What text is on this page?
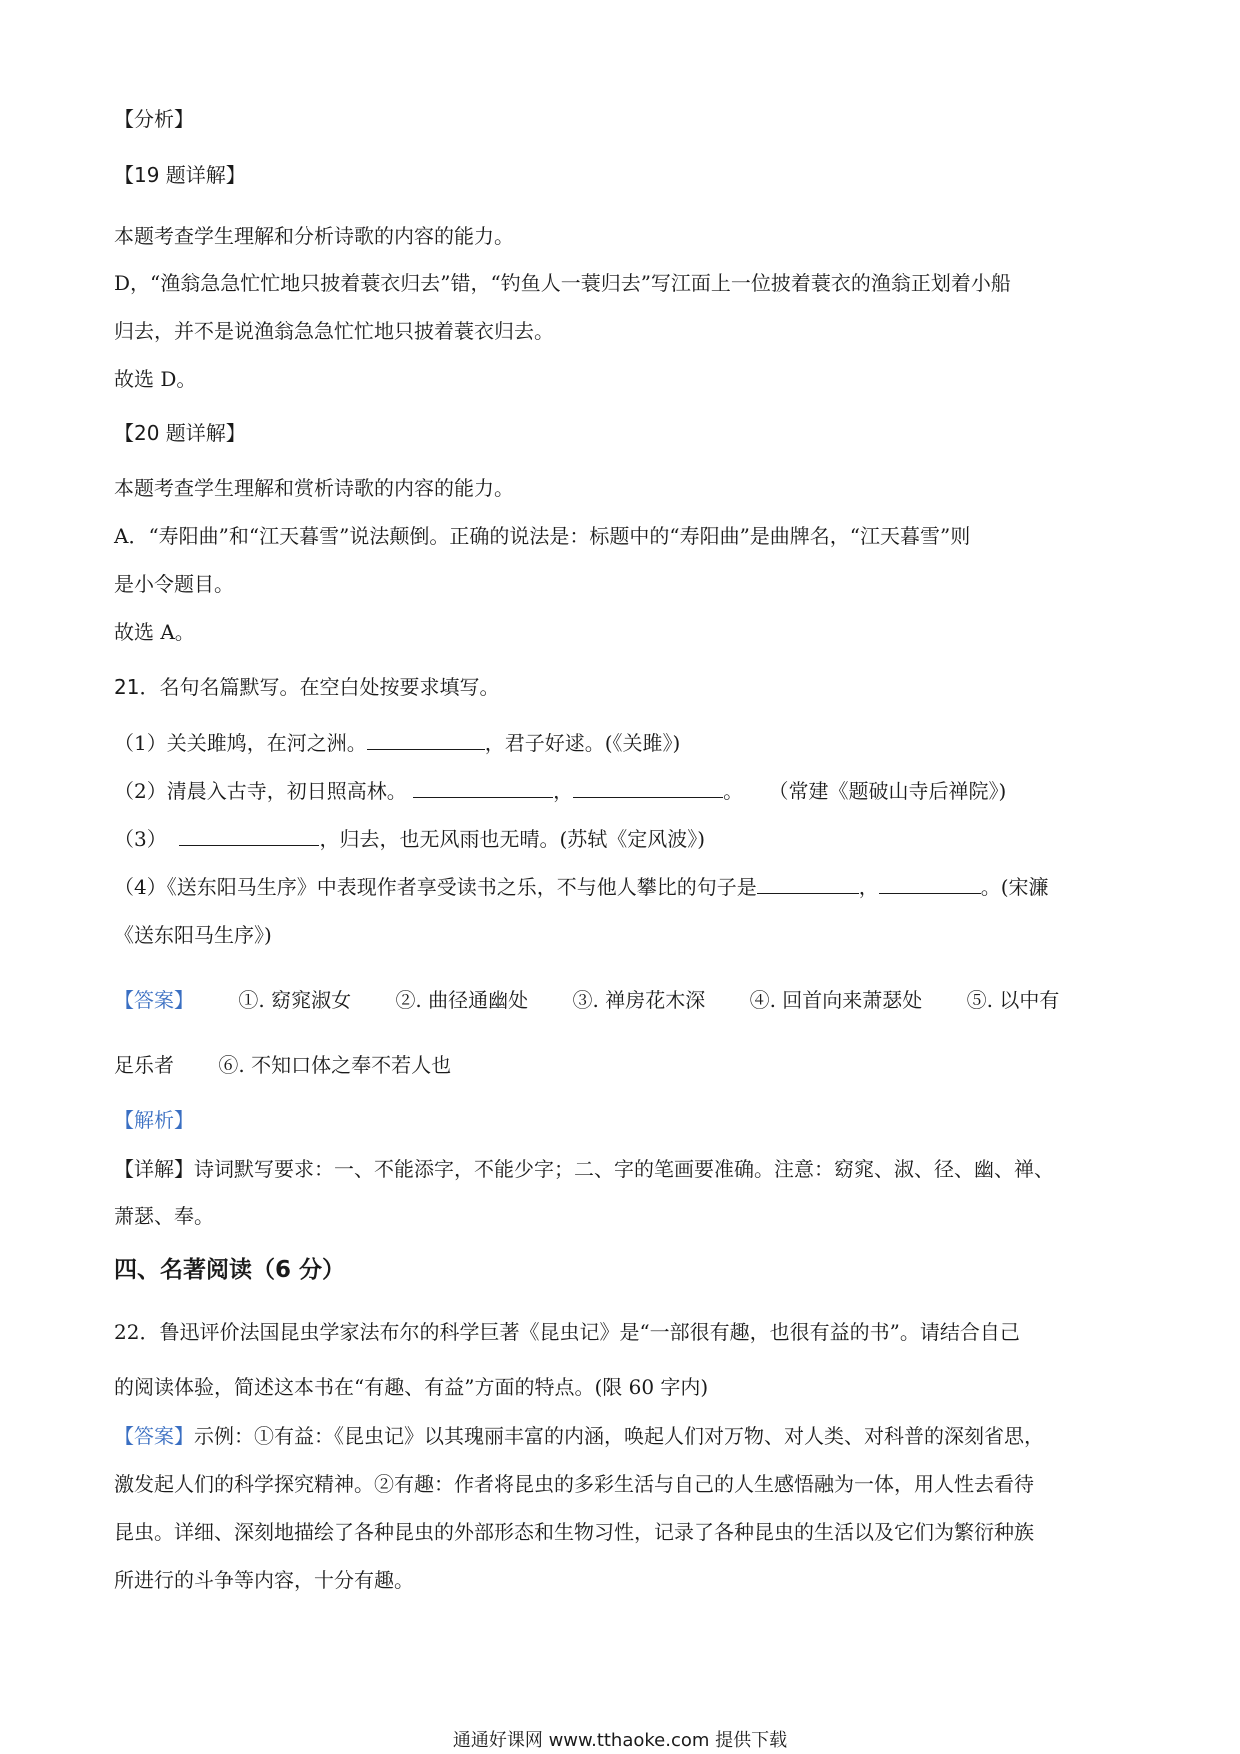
【分析】
【19 题详解】
本题考查学生理解和分析诗歌的内容的能力。
D，“渔翁急急忙忙地只披着蓑衣归去”错，“钓鱼人一蓑归去”写江面上一位披着蓑衣的渔翁正划着小船
归去，并不是说渔翁急急忙忙地只披着蓑衣归去。
故选 D。
【20 题详解】
本题考查学生理解和赏析诗歌的内容的能力。
A．“寿阳曲”和“江天暮雪”说法颠倒。正确的说法是：标题中的“寿阳曲”是曲牌名，“江天暮雪”则
是小令题目。
故选 A。
21．名句名篇默写。在空白处按要求填写。
（1）关关雎鸠，在河之洲。	，君子好逑。(《关雎》)
（2）清晨入古寺，初日照高林。	，	。 （常建《题破山寺后禅院》)
（3）	，归去，也无风雨也无晴。(苏轼《定风波》)
（4）《送东阳马生序》中表现作者享受读书之乐，不与他人攀比的句子是	，	。(宋濂
《送东阳马生序》)
【答案】 ①. 窈窕淑女 ②. 曲径通幽处 ③. 禅房花木深 ④. 回首向来萧瑟处 ⑤. 以中有
足乐者 ⑥. 不知口体之奉不若人也
【解析】
【详解】诗词默写要求：一、不能添字，不能少字；二、字的笔画要准确。注意：窈窕、淑、径、幽、禅、
萧瑟、奉。
四、名著阅读（6 分）
22．鲁迅评价法国昆虫学家法布尔的科学巨著《昆虫记》是“一部很有趣，也很有益的书”。请结合自己
的阅读体验，简述这本书在“有趣、有益”方面的特点。(限 60 字内)
【答案】示例：①有益：《昆虫记》以其瑰丽丰富的内涵，唤起人们对万物、对人类、对科普的深刻省思，
激发起人们的科学探究精神。②有趣：作者将昆虫的多彩生活与自己的人生感悟融为一体，用人性去看待
昆虫。详细、深刻地描绘了各种昆虫的外部形态和生物习性，记录了各种昆虫的生活以及它们为繁衍种族
所进行的斗争等内容，十分有趣。
通通好课网 www.tthaoke.com 提供下载
